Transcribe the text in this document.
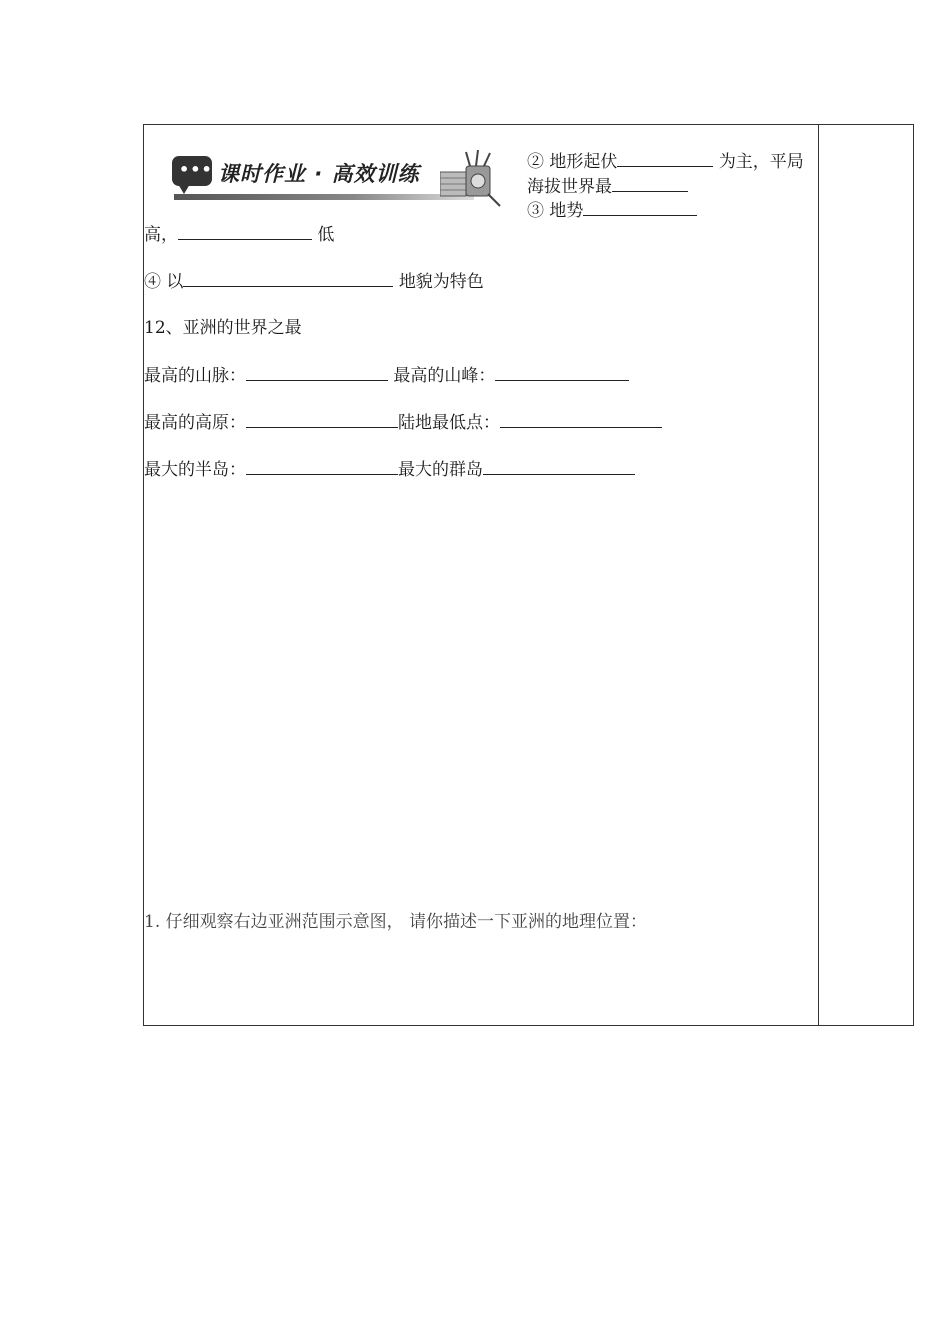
••• 课时作业 · 高效训练	② 地形起伏	为主，平局
海拔世界最
③ 地势
高，	低
④ 以	地貌为特色
12、亚洲的世界之最
最高的山脉：	最高的山峰：
最高的高原：	陆地最低点：
最大的半岛：	最大的群岛
1. 仔细观察右边亚洲范围示意图， 请你描述一下亚洲的地理位置：
